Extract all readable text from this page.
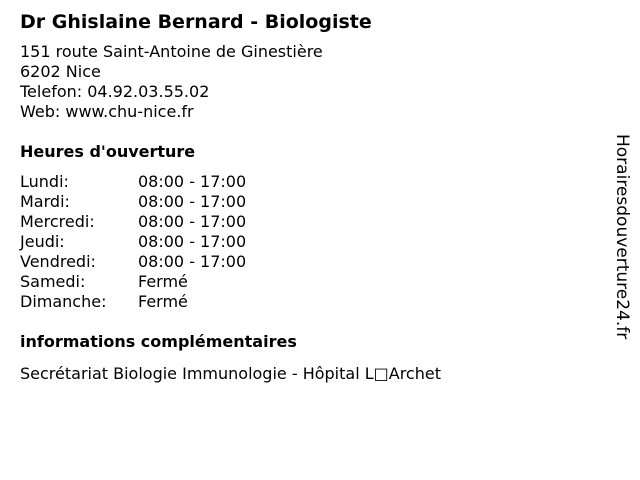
Dr Ghislaine Bernard - Biologiste
151 route Saint-Antoine de Ginestière
6202 Nice
Telefon: 04.92.03.55.02
Web: www.chu-nice.fr
Heures d'ouverture
Lundi:	08:00 - 17:00
Mardi:	08:00 - 17:00
Mercredi:	08:00 - 17:00
Jeudi:	08:00 - 17:00
Vendredi:	08:00 - 17:00
Samedi:	Fermé
Dimanche:	Fermé
informations complémentaires
Secrétariat Biologie Immunologie - Hôpital L□Archet
Horairesdouverture24.fr
